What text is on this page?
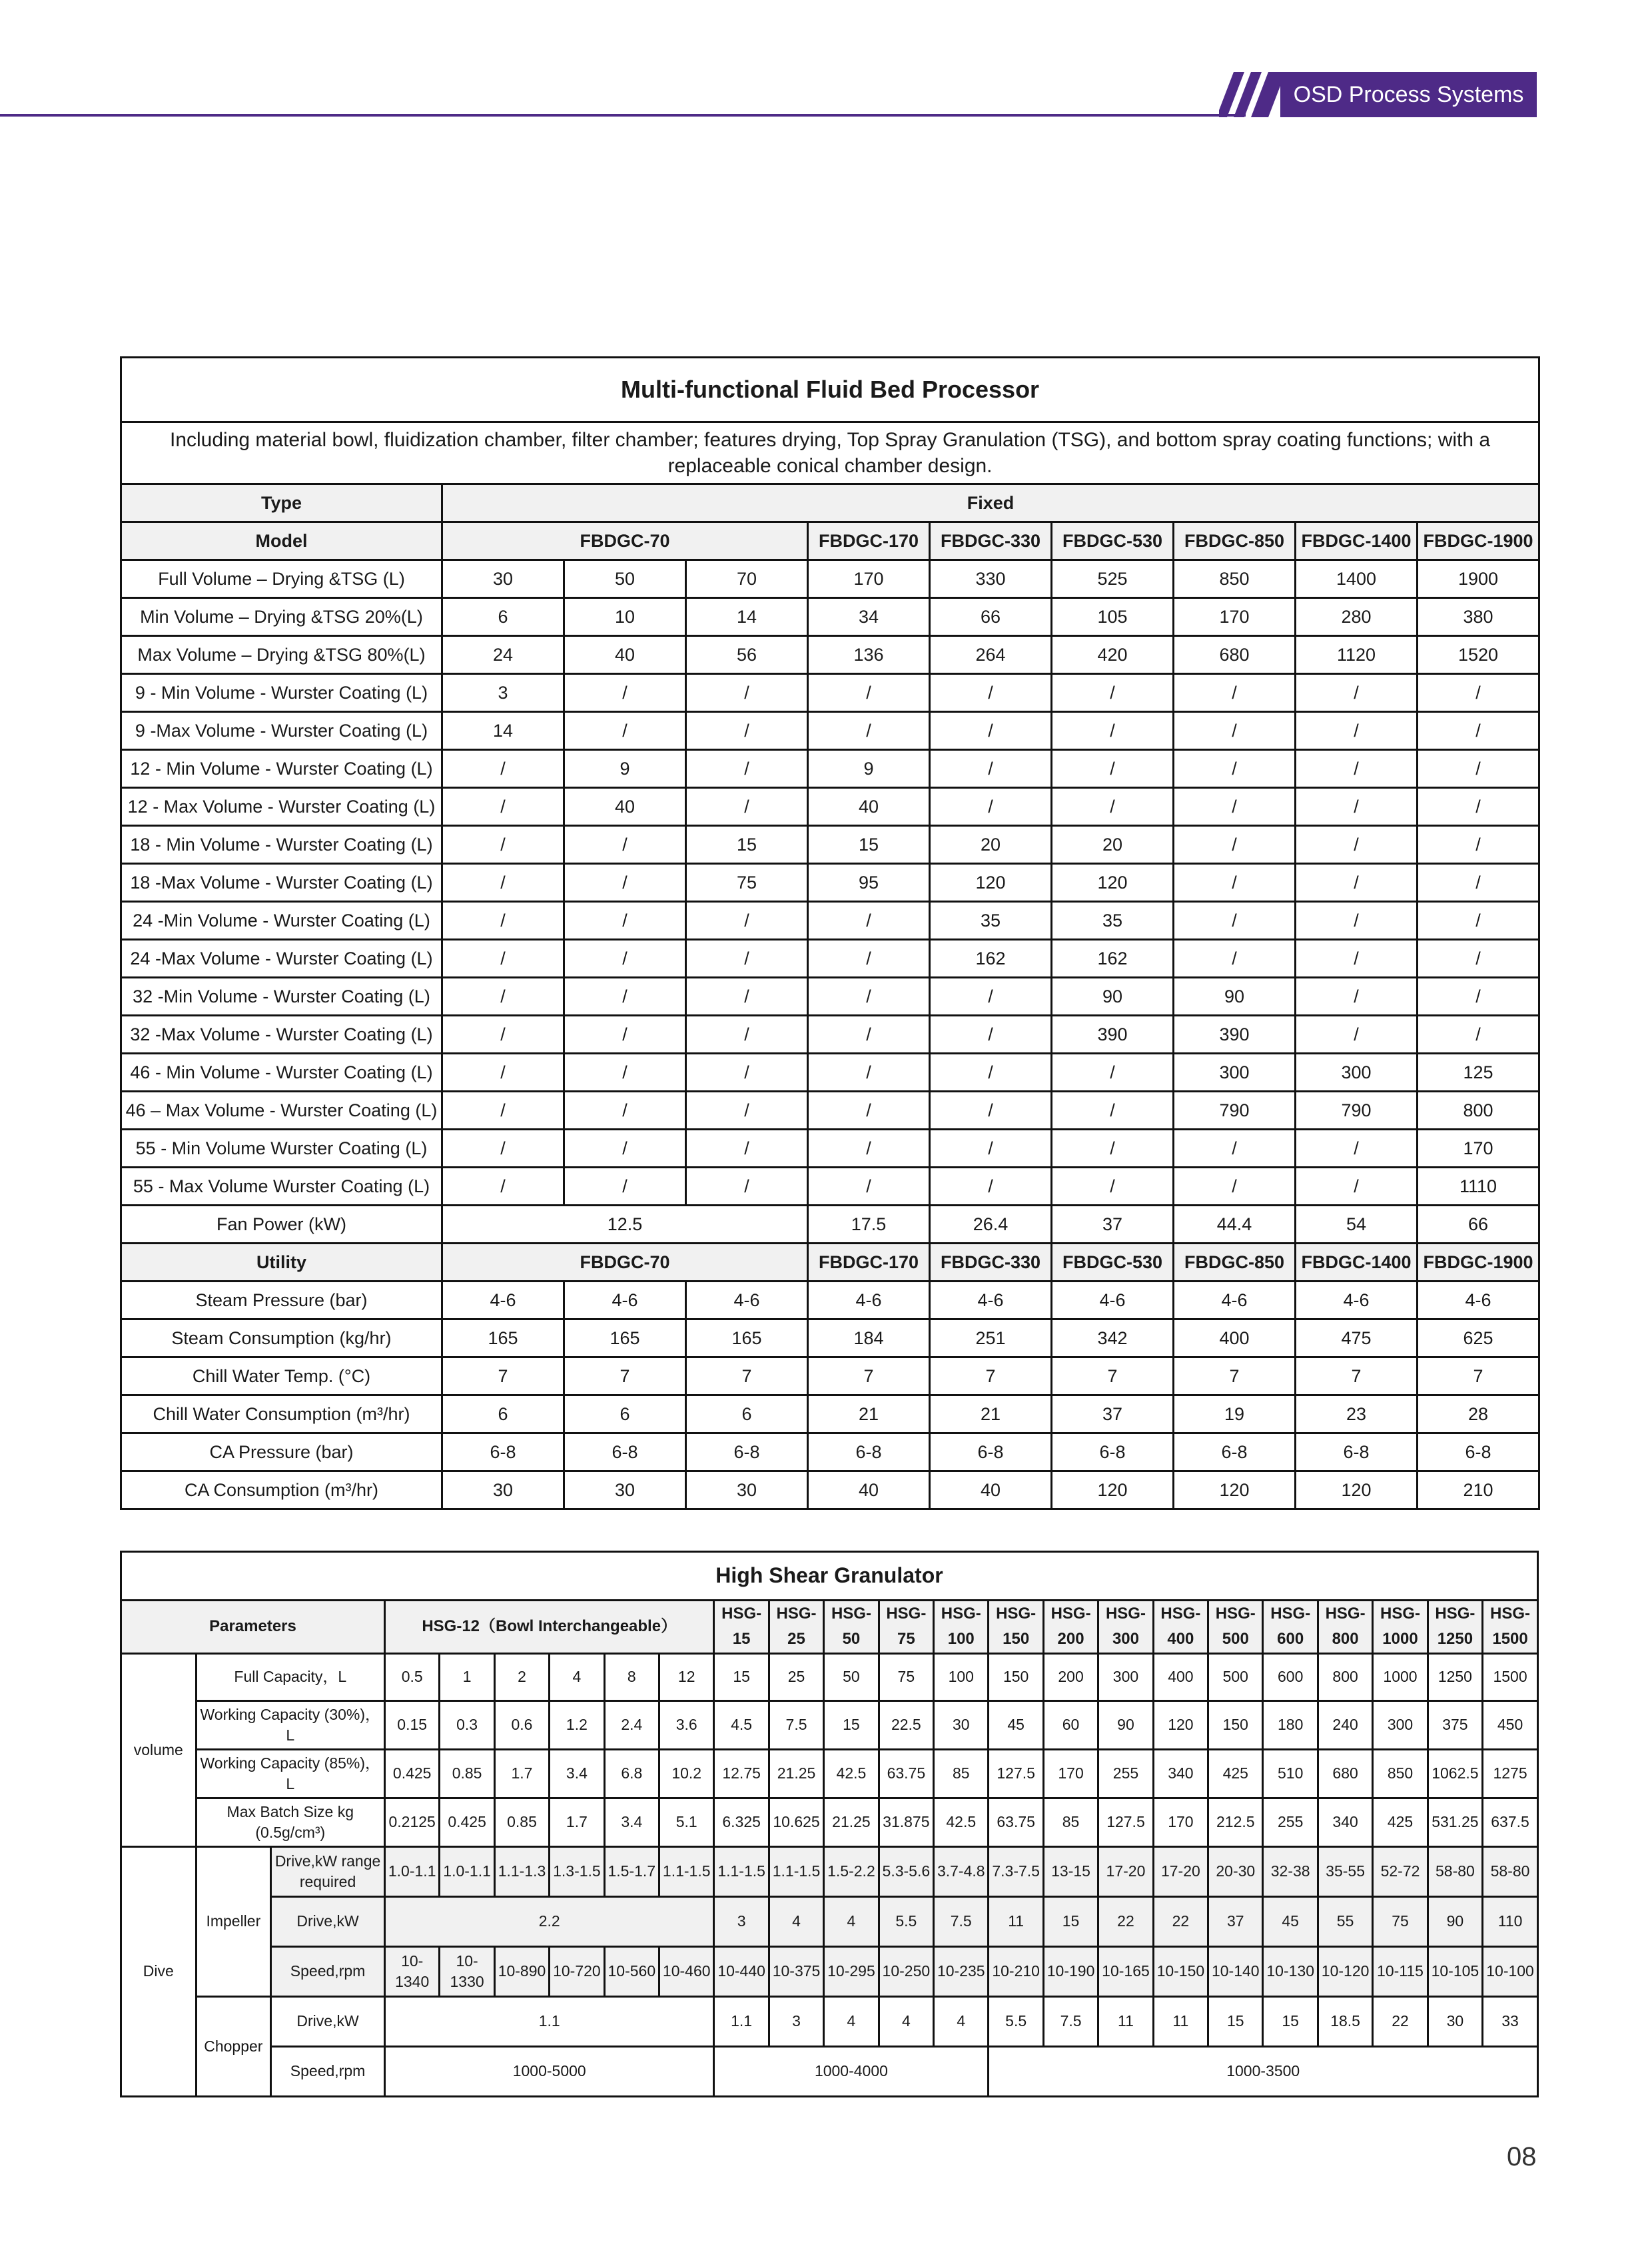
OSD Process Systems
Multi-functional Fluid Bed Processor									
Including material bowl, fluidization chamber, filter chamber; features drying, Top Spray Granulation (TSG), and bottom spray coating functions; with a replaceable conical chamber design.									
Type	Fixed								
Model	FBDGC-70			FBDGC-170	FBDGC-330	FBDGC-530	FBDGC-850	FBDGC-1400	FBDGC-1900
Full Volume – Drying &TSG (L)	30	50	70	170	330	525	850	1400	1900
Min Volume – Drying &TSG 20%(L)	6	10	14	34	66	105	170	280	380
Max Volume – Drying &TSG 80%(L)	24	40	56	136	264	420	680	1120	1520
9 - Min Volume - Wurster Coating (L)	3	/	/	/	/	/	/	/	/
9 -Max Volume - Wurster Coating (L)	14	/	/	/	/	/	/	/	/
12 - Min Volume - Wurster Coating (L)	/	9	/	9	/	/	/	/	/
12 - Max Volume - Wurster Coating (L)	/	40	/	40	/	/	/	/	/
18 - Min Volume - Wurster Coating (L)	/	/	15	15	20	20	/	/	/
18 -Max Volume - Wurster Coating (L)	/	/	75	95	120	120	/	/	/
24 -Min Volume - Wurster Coating (L)	/	/	/	/	35	35	/	/	/
24 -Max Volume - Wurster Coating (L)	/	/	/	/	162	162	/	/	/
32 -Min Volume - Wurster Coating (L)	/	/	/	/	/	90	90	/	/
32 -Max Volume - Wurster Coating (L)	/	/	/	/	/	390	390	/	/
46 - Min Volume - Wurster Coating (L)	/	/	/	/	/	/	300	300	125
46 – Max Volume - Wurster Coating (L)	/	/	/	/	/	/	790	790	800
55 - Min Volume Wurster Coating (L)	/	/	/	/	/	/	/	/	170
55 - Max Volume Wurster Coating (L)	/	/	/	/	/	/	/	/	1110
Fan Power (kW)	12.5			17.5	26.4	37	44.4	54	66
Utility	FBDGC-70			FBDGC-170	FBDGC-330	FBDGC-530	FBDGC-850	FBDGC-1400	FBDGC-1900
Steam Pressure (bar)	4-6	4-6	4-6	4-6	4-6	4-6	4-6	4-6	4-6
Steam Consumption (kg/hr)	165	165	165	184	251	342	400	475	625
Chill Water Temp. (°C)	7	7	7	7	7	7	7	7	7
Chill Water Consumption (m³/hr)	6	6	6	21	21	37	19	23	28
CA Pressure (bar)	6-8	6-8	6-8	6-8	6-8	6-8	6-8	6-8	6-8
CA Consumption (m³/hr)	30	30	30	40	40	120	120	120	210
High Shear Granulator																							
Parameters			HSG-12（Bowl Interchangeable）						HSG-15	HSG-25	HSG-50	HSG-75	HSG-100	HSG-150	HSG-200	HSG-300	HSG-400	HSG-500	HSG-600	HSG-800	HSG-1000	HSG-1250	HSG-1500
volume	Full Capacity，L		0.5	1	2	4	8	12	15	25	50	75	100	150	200	300	400	500	600	800	1000	1250	1500
	Working Capacity (30%)，L		0.15	0.3	0.6	1.2	2.4	3.6	4.5	7.5	15	22.5	30	45	60	90	120	150	180	240	300	375	450
	Working Capacity (85%)，L		0.425	0.85	1.7	3.4	6.8	10.2	12.75	21.25	42.5	63.75	85	127.5	170	255	340	425	510	680	850	1062.5	1275
	Max Batch Size kg (0.5g/cm³)		0.2125	0.425	0.85	1.7	3.4	5.1	6.325	10.625	21.25	31.875	42.5	63.75	85	127.5	170	212.5	255	340	425	531.25	637.5
Dive	Impeller	Drive,kW range required	1.0-1.1	1.0-1.1	1.1-1.3	1.3-1.5	1.5-1.7	1.1-1.5	1.1-1.5	1.1-1.5	1.5-2.2	5.3-5.6	3.7-4.8	7.3-7.5	13-15	17-20	17-20	20-30	32-38	35-55	52-72	58-80	58-80
		Drive,kW	2.2						3	4	4	5.5	7.5	11	15	22	22	37	45	55	75	90	110
		Speed,rpm	10-1340	10-1330	10-890	10-720	10-560	10-460	10-440	10-375	10-295	10-250	10-235	10-210	10-190	10-165	10-150	10-140	10-130	10-120	10-115	10-105	10-100
	Chopper	Drive,kW	1.1						1.1	3	4	4	4	5.5	7.5	11	11	15	15	18.5	22	30	33
		Speed,rpm	1000-5000						1000-4000					1000-3500									
08
